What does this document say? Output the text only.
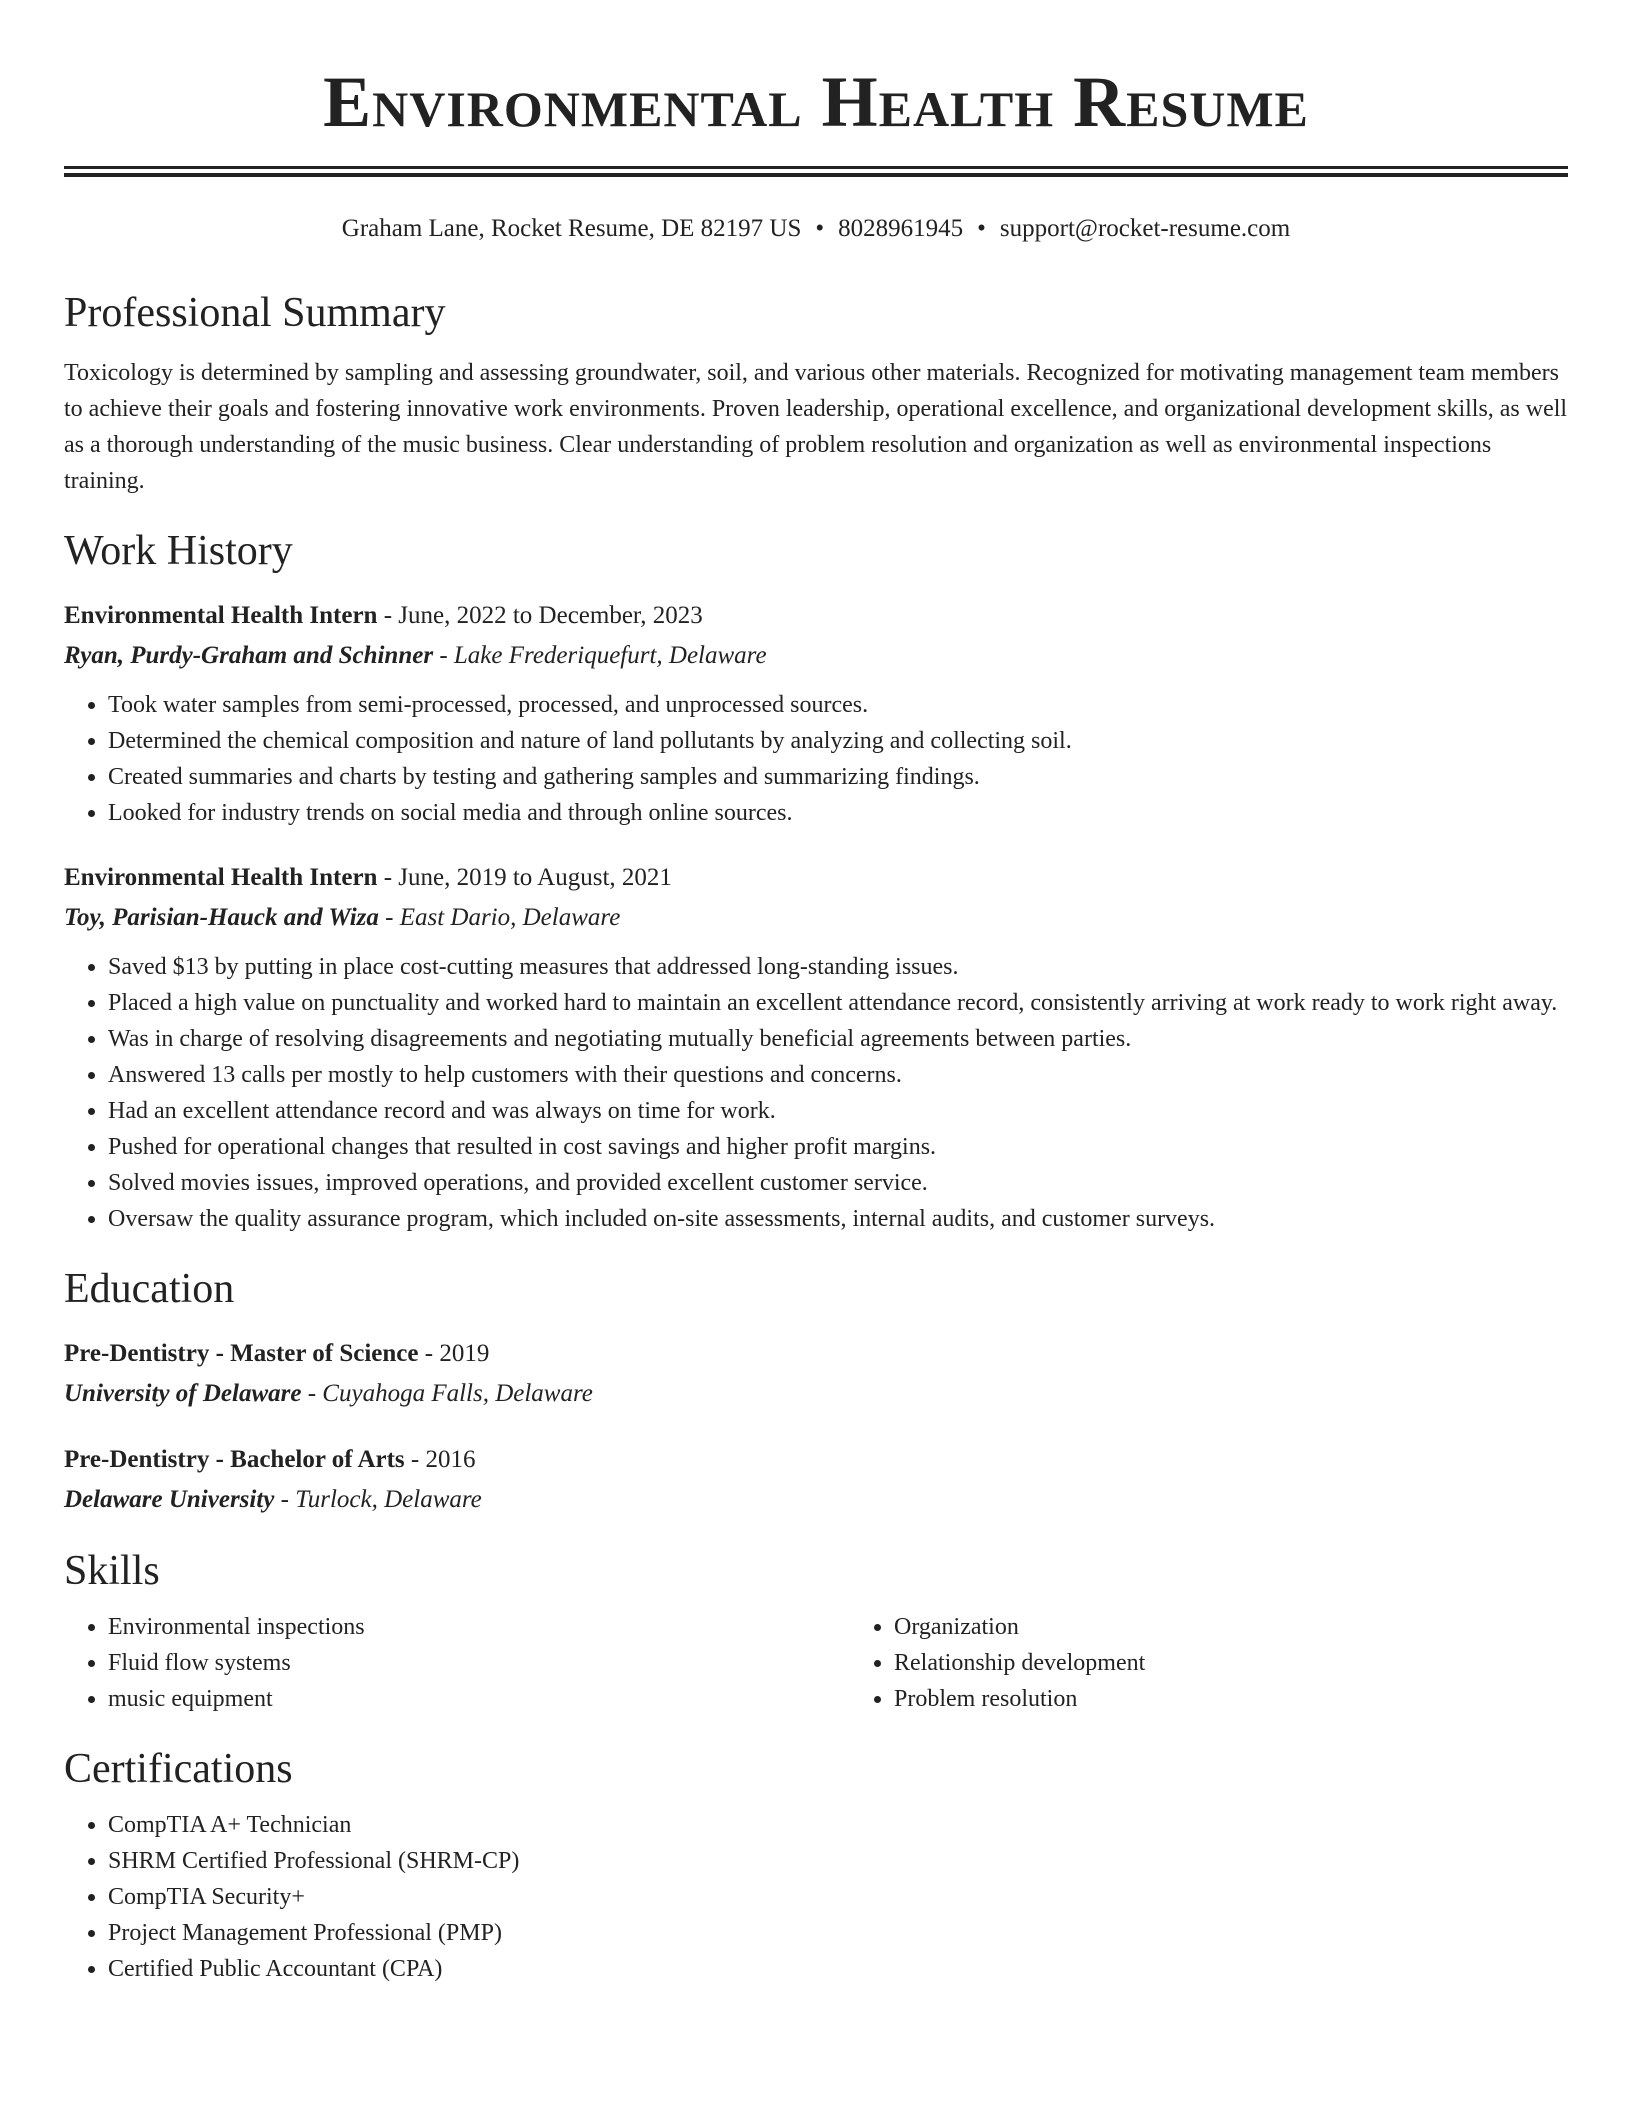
Environmental Health Resume
Graham Lane, Rocket Resume, DE 82197 US • 8028961945 • support@rocket-resume.com
Professional Summary

Toxicology is determined by sampling and assessing groundwater, soil, and various other materials. Recognized for motivating management team members to achieve their goals and fostering innovative work environments. Proven leadership, operational excellence, and organizational development skills, as well as a thorough understanding of the music business. Clear understanding of problem resolution and organization as well as environmental inspections training.

Work History
Environmental Health Intern - June, 2022 to December, 2023
Ryan, Purdy-Graham and Schinner - Lake Frederiquefurt, Delaware
• Took water samples from semi-processed, processed, and unprocessed sources.
• Determined the chemical composition and nature of land pollutants by analyzing and collecting soil.
• Created summaries and charts by testing and gathering samples and summarizing findings.
• Looked for industry trends on social media and through online sources.
Environmental Health Intern - June, 2019 to August, 2021
Toy, Parisian-Hauck and Wiza - East Dario, Delaware
• Saved $13 by putting in place cost-cutting measures that addressed long-standing issues.
• Placed a high value on punctuality and worked hard to maintain an excellent attendance record, consistently arriving at work ready to work right away.
• Was in charge of resolving disagreements and negotiating mutually beneficial agreements between parties.
• Answered 13 calls per mostly to help customers with their questions and concerns.
• Had an excellent attendance record and was always on time for work.
• Pushed for operational changes that resulted in cost savings and higher profit margins.
• Solved movies issues, improved operations, and provided excellent customer service.
• Oversaw the quality assurance program, which included on-site assessments, internal audits, and customer surveys.
Education
Pre-Dentistry - Master of Science - 2019
University of Delaware - Cuyahoga Falls, Delaware
Pre-Dentistry - Bachelor of Arts - 2016
Delaware University - Turlock, Delaware
Skills
• Environmental inspections
• Fluid flow systems
• music equipment
• Organization
• Relationship development
• Problem resolution
Certifications
• CompTIA A+ Technician
• SHRM Certified Professional (SHRM-CP)
• CompTIA Security+
• Project Management Professional (PMP)
• Certified Public Accountant (CPA)
